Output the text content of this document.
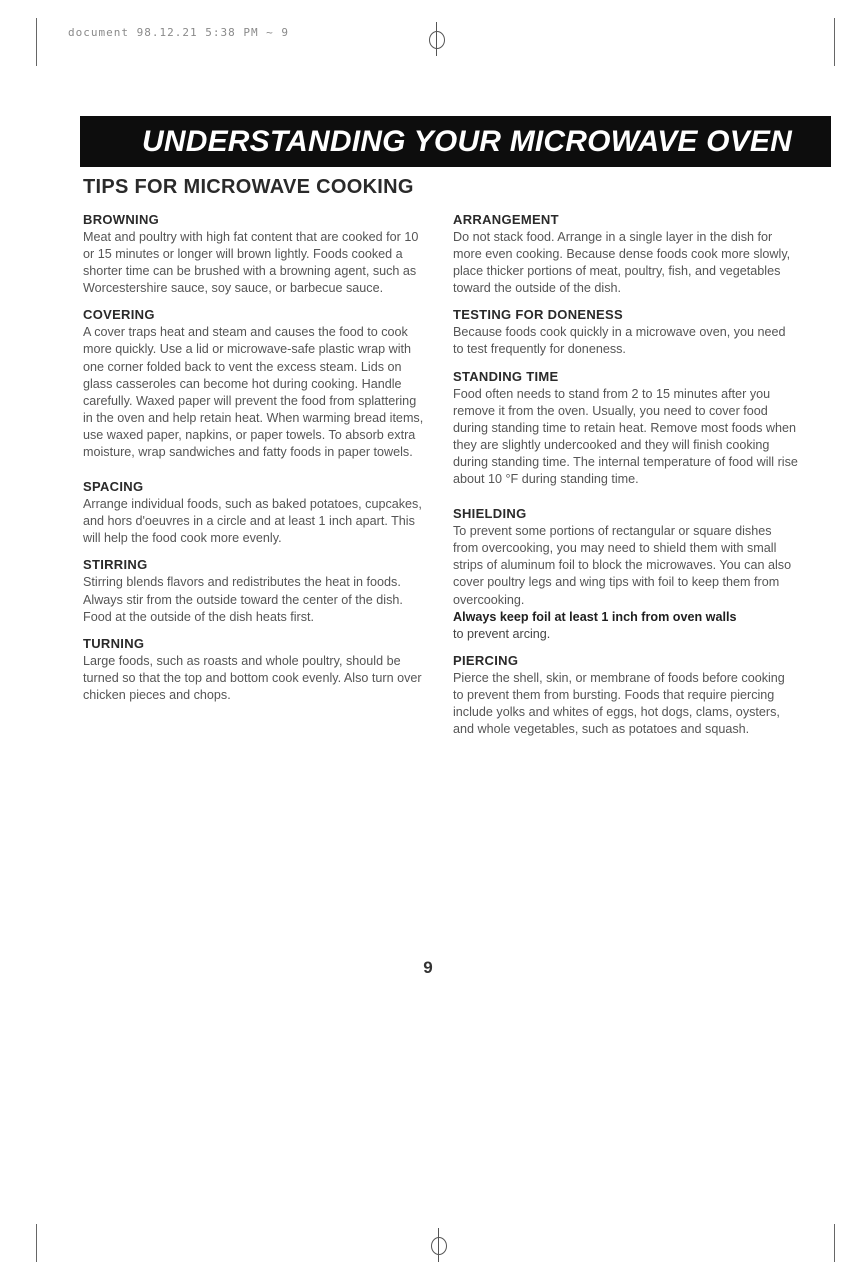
document 98.12.21 5:38 PM ~ 9
UNDERSTANDING YOUR MICROWAVE OVEN
TIPS FOR MICROWAVE COOKING
BROWNING

Meat and poultry with high fat content that are cooked for 10 or 15 minutes or longer will brown lightly. Foods cooked a shorter time can be brushed with a browning agent, such as Worcestershire sauce, soy sauce, or barbecue sauce.

COVERING

A cover traps heat and steam and causes the food to cook more quickly. Use a lid or microwave-safe plastic wrap with one corner folded back to vent the excess steam. Lids on glass casseroles can become hot during cooking. Handle carefully. Waxed paper will prevent the food from splattering in the oven and help retain heat. When warming bread items, use waxed paper, napkins, or paper towels. To absorb extra moisture, wrap sandwiches and fatty foods in paper towels.

SPACING

Arrange individual foods, such as baked potatoes, cupcakes, and hors d'oeuvres in a circle and at least 1 inch apart. This will help the food cook more evenly.

STIRRING

Stirring blends flavors and redistributes the heat in foods. Always stir from the outside toward the center of the dish. Food at the outside of the dish heats first.

TURNING

Large foods, such as roasts and whole poultry, should be turned so that the top and bottom cook evenly. Also turn over chicken pieces and chops.

ARRANGEMENT

Do not stack food. Arrange in a single layer in the dish for more even cooking. Because dense foods cook more slowly, place thicker portions of meat, poultry, fish, and vegetables toward the outside of the dish.

TESTING FOR DONENESS

Because foods cook quickly in a microwave oven, you need to test frequently for doneness.

STANDING TIME

Food often needs to stand from 2 to 15 minutes after you remove it from the oven. Usually, you need to cover food during standing time to retain heat. Remove most foods when they are slightly undercooked and they will finish cooking during standing time. The internal temperature of food will rise about 10 °F during standing time.

SHIELDING

To prevent some portions of rectangular or square dishes from overcooking, you may need to shield them with small strips of aluminum foil to block the microwaves. You can also cover poultry legs and wing tips with foil to keep them from overcooking.
Always keep foil at least 1 inch from oven walls
to prevent arcing.

PIERCING

Pierce the shell, skin, or membrane of foods before cooking to prevent them from bursting. Foods that require piercing include yolks and whites of eggs, hot dogs, clams, oysters, and whole vegetables, such as potatoes and squash.

9
